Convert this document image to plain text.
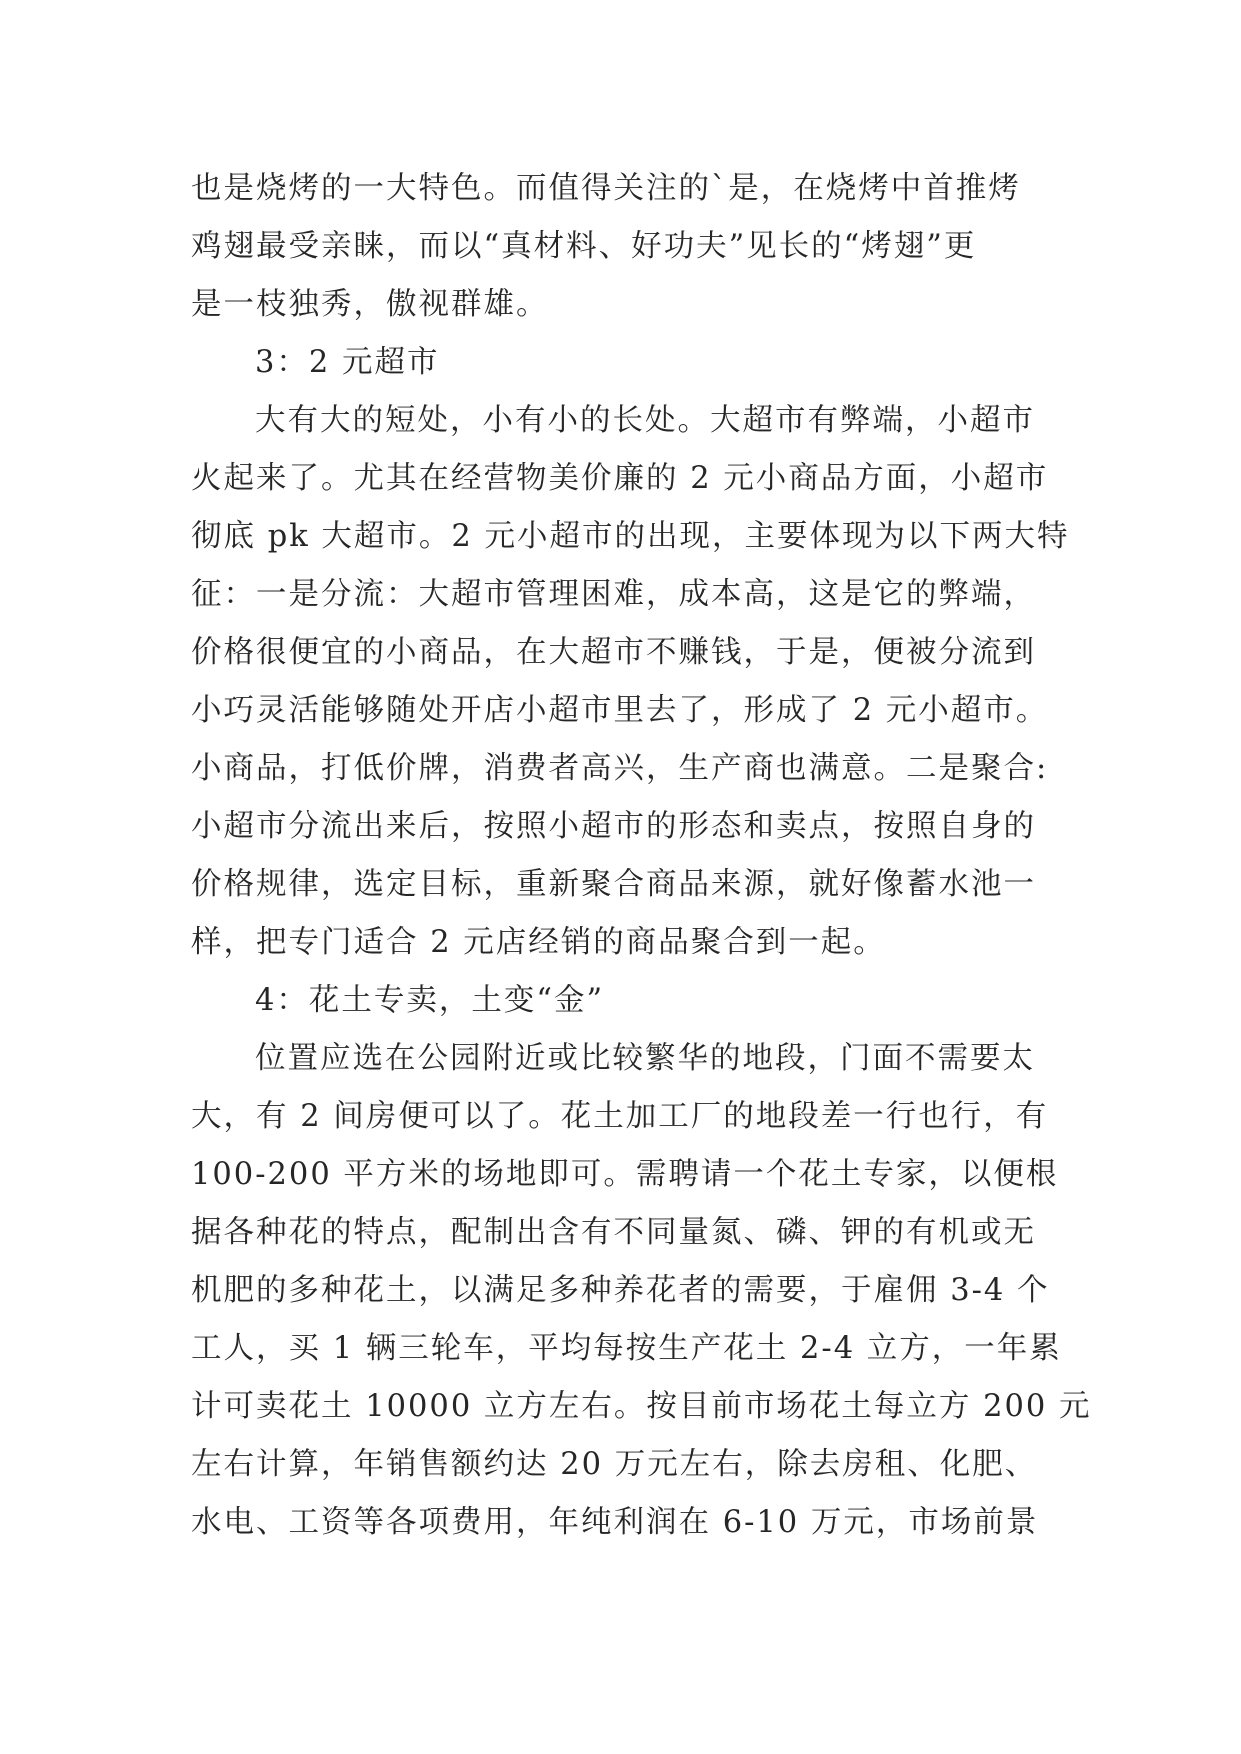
也是烧烤的一大特色。而值得关注的`是，在烧烤中首推烤
鸡翅最受亲睐，而以“真材料、好功夫”见长的“烤翅”更
是一枝独秀，傲视群雄。
3：2 元超市
大有大的短处，小有小的长处。大超市有弊端，小超市
火起来了。尤其在经营物美价廉的 2 元小商品方面，小超市
彻底 pk 大超市。2 元小超市的出现，主要体现为以下两大特
征：一是分流：大超市管理困难，成本高，这是它的弊端，
价格很便宜的小商品，在大超市不赚钱，于是，便被分流到
小巧灵活能够随处开店小超市里去了，形成了 2 元小超市。
小商品，打低价牌，消费者高兴，生产商也满意。二是聚合:
小超市分流出来后，按照小超市的形态和卖点，按照自身的
价格规律，选定目标，重新聚合商品来源，就好像蓄水池一
样，把专门适合 2 元店经销的商品聚合到一起。
4：花土专卖，土变“金”
位置应选在公园附近或比较繁华的地段，门面不需要太
大，有 2 间房便可以了。花土加工厂的地段差一行也行，有
100-200 平方米的场地即可。需聘请一个花土专家，以便根
据各种花的特点，配制出含有不同量氮、磷、钾的有机或无
机肥的多种花土，以满足多种养花者的需要，于雇佣 3-4 个
工人，买 1 辆三轮车，平均每按生产花土 2-4 立方，一年累
计可卖花土 10000 立方左右。按目前市场花土每立方 200 元
左右计算，年销售额约达 20 万元左右，除去房租、化肥、
水电、工资等各项费用，年纯利润在 6-10 万元，市场前景
